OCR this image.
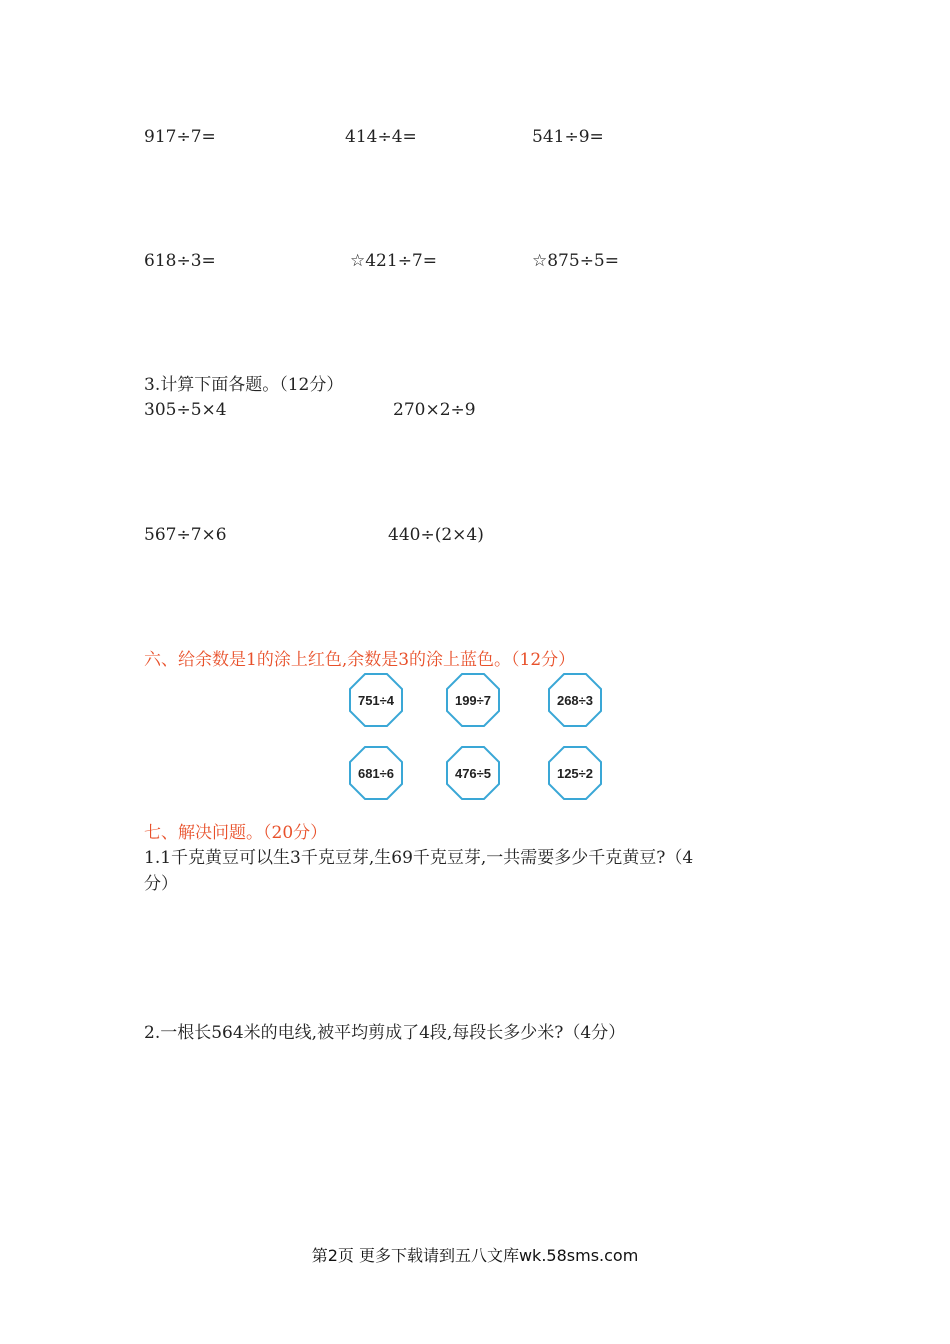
917÷7=	414÷4=	541÷9=
618÷3=	☆421÷7=	☆875÷5=
3.计算下面各题。（12分）
305÷5×4	270×2÷9
567÷7×6	440÷(2×4)
六、给余数是1的涂上红色,余数是3的涂上蓝色。（12分）
751÷4	199÷7	268÷3
681÷6	476÷5	125÷2
七、解决问题。（20分）
1.1千克黄豆可以生3千克豆芽,生69千克豆芽,一共需要多少千克黄豆?（4
分）
2.一根长564米的电线,被平均剪成了4段,每段长多少米?（4分）
第2页 更多下载请到五八文库wk.58sms.com
